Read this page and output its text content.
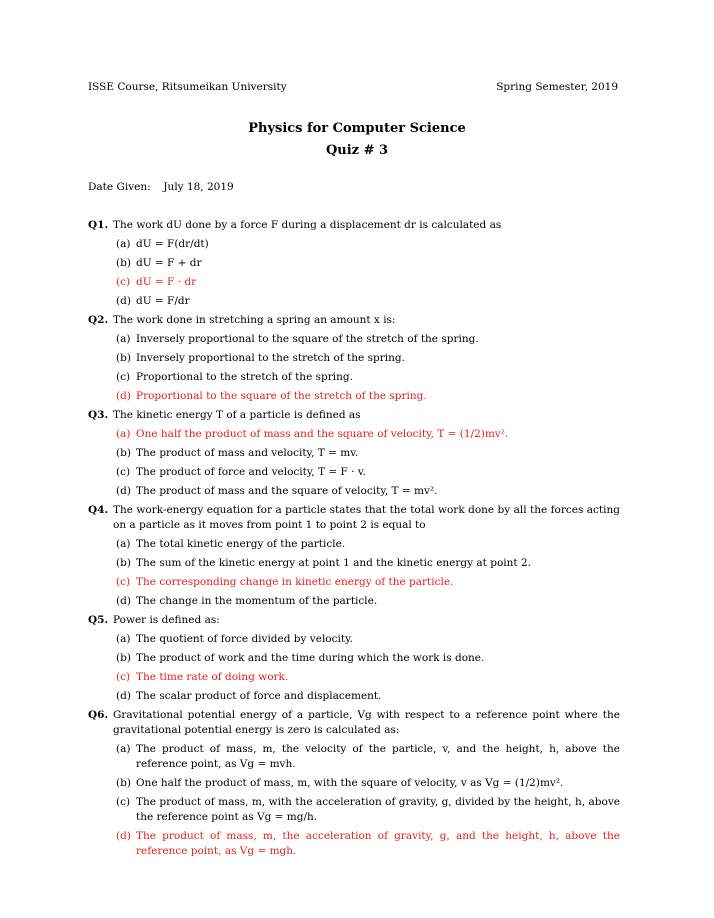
ISSE Course, Ritsumeikan University	Spring Semester, 2019
Physics for Computer Science
Quiz # 3
Date Given: July 18, 2019
Q1. The work dU done by a force F during a displacement dr is calculated as
(a) dU = F(dr/dt)
(b) dU = F + dr
(c) dU = F · dr
(d) dU = F/dr
Q2. The work done in stretching a spring an amount x is:
(a) Inversely proportional to the square of the stretch of the spring.
(b) Inversely proportional to the stretch of the spring.
(c) Proportional to the stretch of the spring.
(d) Proportional to the square of the stretch of the spring.
Q3. The kinetic energy T of a particle is defined as
(a) One half the product of mass and the square of velocity, T = (1/2)mv².
(b) The product of mass and velocity, T = mv.
(c) The product of force and velocity, T = F · v.
(d) The product of mass and the square of velocity, T = mv².
Q4. The work-energy equation for a particle states that the total work done by all the forces acting on a particle as it moves from point 1 to point 2 is equal to
(a) The total kinetic energy of the particle.
(b) The sum of the kinetic energy at point 1 and the kinetic energy at point 2.
(c) The corresponding change in kinetic energy of the particle.
(d) The change in the momentum of the particle.
Q5. Power is defined as:
(a) The quotient of force divided by velocity.
(b) The product of work and the time during which the work is done.
(c) The time rate of doing work.
(d) The scalar product of force and displacement.
Q6. Gravitational potential energy of a particle, Vg with respect to a reference point where the gravitational potential energy is zero is calculated as:
(a) The product of mass, m, the velocity of the particle, v, and the height, h, above the reference point, as Vg = mvh.
(b) One half the product of mass, m, with the square of velocity, v as Vg = (1/2)mv².
(c) The product of mass, m, with the acceleration of gravity, g, divided by the height, h, above the reference point as Vg = mg/h.
(d) The product of mass, m, the acceleration of gravity, g, and the height, h, above the reference point, as Vg = mgh.
